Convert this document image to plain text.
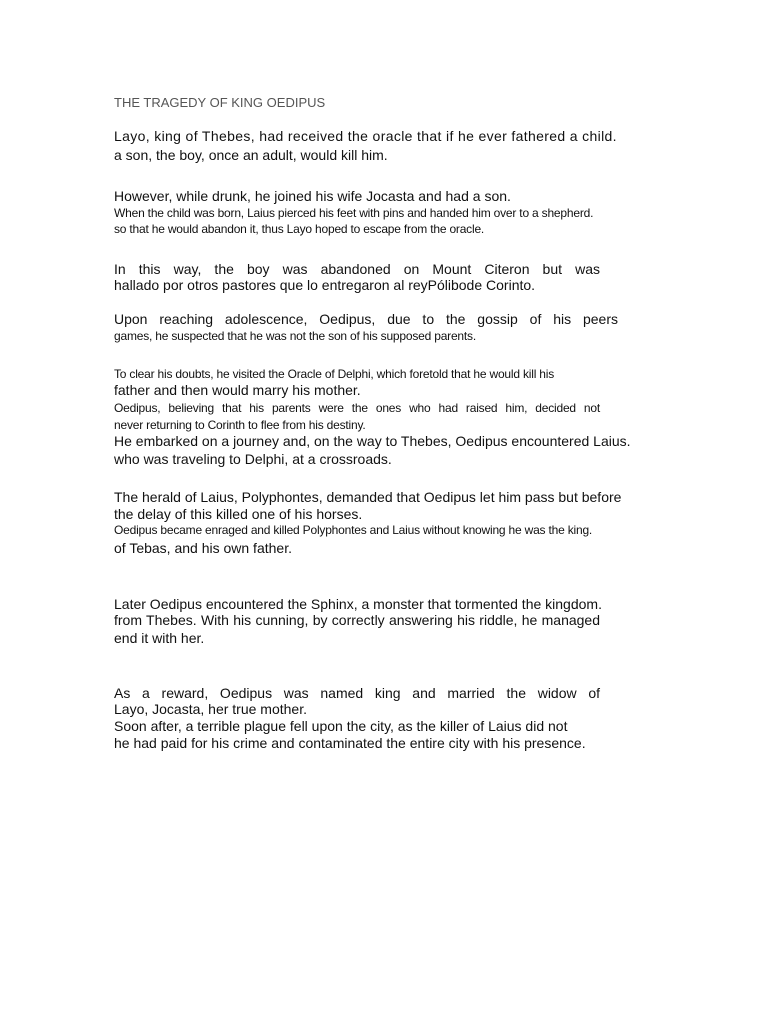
THE TRAGEDY OF KING OEDIPUS
Layo, king of Thebes, had received the oracle that if he ever fathered a child.
a son, the boy, once an adult, would kill him.
However, while drunk, he joined his wife Jocasta and had a son.
When the child was born, Laius pierced his feet with pins and handed him over to a shepherd.
so that he would abandon it, thus Layo hoped to escape from the oracle.
In this way, the boy was abandoned on Mount Citeron but was
hallado por otros pastores que lo entregaron al reyPólibode Corinto.
Upon reaching adolescence, Oedipus, due to the gossip of his peers
games, he suspected that he was not the son of his supposed parents.
To clear his doubts, he visited the Oracle of Delphi, which foretold that he would kill his
father and then would marry his mother.
Oedipus, believing that his parents were the ones who had raised him, decided not
never returning to Corinth to flee from his destiny.
He embarked on a journey and, on the way to Thebes, Oedipus encountered Laius.
who was traveling to Delphi, at a crossroads.
The herald of Laius, Polyphontes, demanded that Oedipus let him pass but before
the delay of this killed one of his horses.
Oedipus became enraged and killed Polyphontes and Laius without knowing he was the king.
of Tebas, and his own father.
Later Oedipus encountered the Sphinx, a monster that tormented the kingdom.
from Thebes. With his cunning, by correctly answering his riddle, he managed
end it with her.
As a reward, Oedipus was named king and married the widow of
Layo, Jocasta, her true mother.
Soon after, a terrible plague fell upon the city, as the killer of Laius did not
he had paid for his crime and contaminated the entire city with his presence.
